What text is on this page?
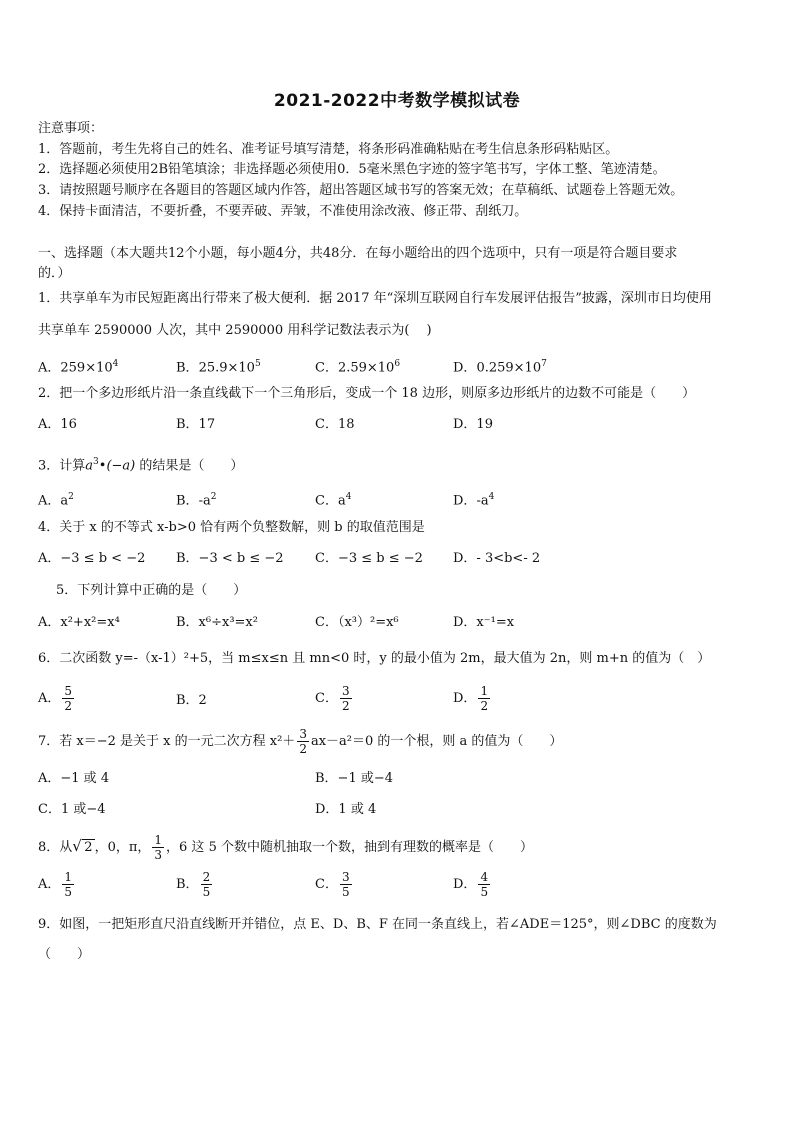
2021-2022中考数学模拟试卷
注意事项：
1．答题前，考生先将自己的姓名、准考证号填写清楚，将条形码准确粘贴在考生信息条形码粘贴区。
2．选择题必须使用2B铅笔填涂；非选择题必须使用0．5毫米黑色字迹的签字笔书写，字体工整、笔迹清楚。
3．请按照题号顺序在各题目的答题区域内作答，超出答题区域书写的答案无效；在草稿纸、试题卷上答题无效。
4．保持卡面清洁，不要折叠，不要弄破、弄皱，不准使用涂改液、修正带、刮纸刀。
一、选择题（本大题共12个小题，每小题4分，共48分．在每小题给出的四个选项中，只有一项是符合题目要求
的．）
1．共享单车为市民短距离出行带来了极大便利．据 2017 年“深圳互联网自行车发展评估报告”披露，深圳市日均使用
共享单车 2590000 人次，其中 2590000 用科学记数法表示为(　 )
A．$259\times 10^4$	B．$25.9\times 10^5$	C．$2.59\times 10^6$	D．$0.259\times 10^7$
2．把一个多边形纸片沿一条直线截下一个三角形后，变成一个 18 边形，则原多边形纸片的边数不可能是（　　）
A．16	B．17	C．18	D．19
3．计算$a^3•(-a)$ 的结果是（　　）
A．$a^2$	B．$-a^2$	C．$a^4$	D．$-a^4$
4．关于 x 的不等式 x-b>0 恰有两个负整数解，则 b 的取值范围是
A．−3 ≤ b < −2 B．−3 < b ≤ −2 C．−3 ≤ b ≤ −2 D．- 3<b<- 2
5．下列计算中正确的是（　　）
A．x²+x²=x⁴	B．x⁶÷x³=x²	C．（x³）²=x⁶	D．x⁻¹=x
6．二次函数 y=-（x-1）²+5，当 m≤x≤n 且 mn<0 时，y 的最小值为 2m，最大值为 2n，则 m+n 的值为（　）
A． $\frac{5}{2}$	B．2	C． $\frac{3}{2}$	D． $\frac{1}{2}$
7．若 x＝−2 是关于 x 的一元二次方程 $x^2+ \frac{3}{2} ax-a^2=0$ 的一个根，则 a 的值为（　　）
A．−1 或 4	B．−1 或−4
C．1 或−4	D．1 或 4
8．从√ 2 ，0，π， $\frac{1}{3}$ ，6 这 5 个数中随机抽取一个数，抽到有理数的概率是（　　）
A． $\frac{1}{5}$	B． $\frac{2}{5}$	C． $\frac{3}{5}$	D． $\frac{4}{5}$
9．如图，一把矩形直尺沿直线断开并错位，点 E、D、B、F 在同一条直线上，若∠ADE＝125°，则∠DBC 的度数为
（　　）
